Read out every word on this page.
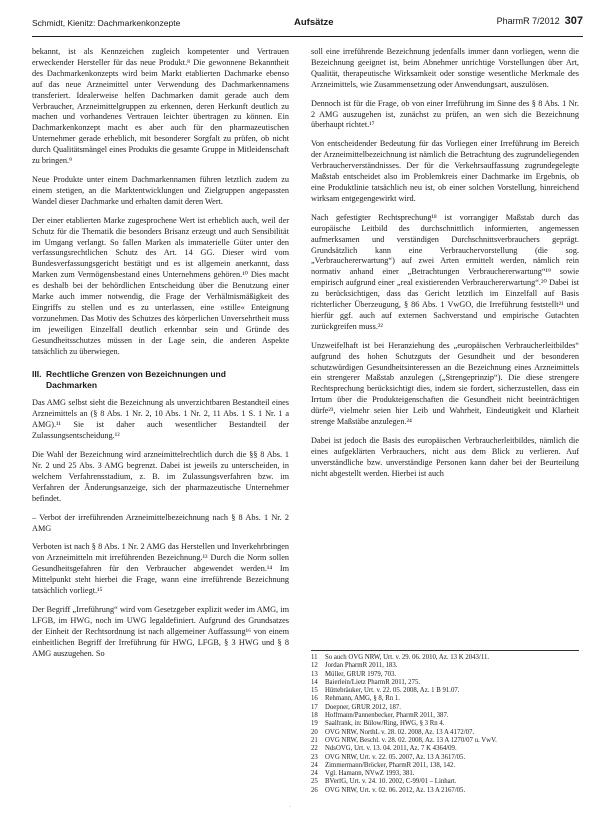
Schmidt, Kienitz: Dachmarkenkonzepte	Aufsätze	PharmR 7/2012 307

bekannt, ist als Kennzeichen zugleich kompetenter und Vertrauen erweckender Hersteller für das neue Produkt.⁸ Die gewonnene Bekanntheit des Dachmarkenkonzepts wird beim Markt etablierten Dachmarke ebenso auf das neue Arzneimittel unter Verwendung des Dachmarkennamens transferiert. Idealerweise helfen Dachmarken damit gerade auch dem Verbraucher, Arzneimittelgruppen zu erkennen, deren Herkunft deutlich zu machen und vorhandenes Vertrauen leichter übertragen zu können. Ein Dachmarkenkonzept macht es aber auch für den pharmazeutischen Unternehmer gerade erheblich, mit besonderer Sorgfalt zu prüfen, ob nicht durch Qualitätsmängel eines Produkts die gesamte Gruppe in Mitleidenschaft zu bringen.⁹

Neue Produkte unter einem Dachmarkennamen führen letztlich zudem zu einem stetigen, an die Marktentwicklungen und Zielgruppen angepassten Wandel dieser Dachmarke und erhalten damit deren Wert.

Der einer etablierten Marke zugesprochene Wert ist erheblich auch, weil der Schutz für die Thematik die besonders Brisanz erzeugt und auch Sensibilität im Umgang verlangt. So fallen Marken als immaterielle Güter unter den verfassungsrechtlichen Schutz des Art. 14 GG. Dieser wird vom Bundesverfassungsgericht bestätigt und es ist allgemein anerkannt, dass Marken zum Vermögensbestand eines Unternehmens gehören.¹⁰ Dies macht es deshalb bei der behördlichen Entscheidung über die Benutzung einer Marke auch immer notwendig, die Frage der Verhältnismäßigkeit des Eingriffs zu stellen und es zu unterlassen, eine »stille« Enteignung vorzunehmen. Das Motiv des Schutzes des körperlichen Unversehrtheit muss im jeweiligen Einzelfall deutlich erkennbar sein und Gründe des Gesundheitsschutzes müssen in der Lage sein, die anderen Aspekte tatsächlich zu überwiegen.

III. Rechtliche Grenzen von Bezeichnungen und
Dachmarken

Das AMG selbst sieht die Bezeichnung als unverzichtbaren Bestandteil eines Arzneimittels an (§ 8 Abs. 1 Nr. 2, 10 Abs. 1 Nr. 2, 11 Abs. 1 S. 1 Nr. 1 a AMG).¹¹ Sie ist daher auch wesentlicher Bestandteil der Zulassungsentscheidung.¹²

Die Wahl der Bezeichnung wird arzneimittelrechtlich durch die §§ 8 Abs. 1 Nr. 2 und 25 Abs. 3 AMG begrenzt. Dabei ist jeweils zu unterscheiden, in welchem Verfahrensstadium, z. B. im Zulassungsverfahren bzw. im Verfahren der Änderungsanzeige, sich der pharmazeutische Unternehmer befindet.

– Verbot der irreführenden Arzneimittelbezeichnung nach § 8 Abs. 1 Nr. 2 AMG

Verboten ist nach § 8 Abs. 1 Nr. 2 AMG das Herstellen und Inverkehrbringen von Arzneimitteln mit irreführenden Bezeichnung.¹³ Durch die Norm sollen Gesundheitsgefahren für den Verbraucher abgewendet werden.¹⁴ Im Mittelpunkt steht hierbei die Frage, wann eine irreführende Bezeichnung tatsächlich vorliegt.¹⁵

Der Begriff „Irreführung“ wird vom Gesetzgeber explizit weder im AMG, im LFGB, im HWG, noch im UWG legaldefiniert. Aufgrund des Grundsatzes der Einheit der Rechtsordnung ist nach allgemeiner Auffassung¹⁶ von einem einheitlichen Begriff der Irreführung für HWG, LFGB, § 3 HWG und § 8 AMG auszugehen. So

soll eine irreführende Bezeichnung jedenfalls immer dann vorliegen, wenn die Bezeichnung geeignet ist, beim Abnehmer unrichtige Vorstellungen über Art, Qualität, therapeutische Wirksamkeit oder sonstige wesentliche Merkmale des Arzneimittels, wie Zusammensetzung oder Anwendungsart, auszulösen.

Dennoch ist für die Frage, ob von einer Irreführung im Sinne des § 8 Abs. 1 Nr. 2 AMG auszugehen ist, zunächst zu prüfen, an wen sich die Bezeichnung überhaupt richtet.¹⁷

Von entscheidender Bedeutung für das Vorliegen einer Irreführung im Bereich der Arzneimittelbezeichnung ist nämlich die Betrachtung des zugrundeliegenden Verbraucherverständnisses. Der für die Verkehrsauffassung zugrundegelegte Maßstab entscheidet also im Problemkreis einer Dachmarke im Ergebnis, ob eine Produktlinie tatsächlich neu ist, ob einer solchen Vorstellung, hinreichend wirksam entgegengewirkt wird.

Nach gefestigter Rechtsprechung¹⁸ ist vorrangiger Maßstab durch das europäische Leitbild des durchschnittlich informierten, angemessen aufmerksamen und verständigen Durchschnittsverbrauchers geprägt. Grundsätzlich kann eine Verbrauchervorstellung (die sog. „Verbrauchererwartung“) auf zwei Arten ermittelt werden, nämlich rein normativ anhand einer „Betrachtungen Verbrauchererwartung“¹⁹ sowie empirisch aufgrund einer „real existierenden Verbrauchererwartung“.²⁰ Dabei ist zu berücksichtigen, dass das Gericht letztlich im Einzelfall auf Basis richterlicher Überzeugung, § 86 Abs. 1 VwGO, die Irreführung feststellt²¹ und hierfür ggf. auch auf externen Sachverstand und empirische Gutachten zurückgreifen muss.²²

Unzweifelhaft ist bei Heranziehung des „europäischen Verbraucherleitbildes“ aufgrund des hohen Schutzguts der Gesundheit und der besonderen schutzwürdigen Gesundheitsinteressen an die Bezeichnung eines Arzneimittels ein strengerer Maßstab anzulegen („Strengeprinzip“). Die diese strengere Rechtsprechung berücksichtigt dies, indem sie fordert, sicherzustellen, dass ein Irrtum über die Produkteigenschaften die Gesundheit nicht beeinträchtigen dürfe²³, vielmehr seien hier Leib und Wahrheit, Eindeutigkeit und Klarheit strenge Maßstäbe anzulegen.²⁴

Dabei ist jedoch die Basis des europäischen Verbraucherleitbildes, nämlich die eines aufgeklärten Verbrauchers, nicht aus dem Blick zu verlieren. Auf unverständliche bzw. unverständige Personen kann daher bei der Beurteilung nicht abgestellt werden. Hierbei ist auch

11 So auch OVG NRW, Urt. v. 29. 06. 2010, Az. 13 K 2043/11.
12 Jordan PharmR 2011, 183.
13 Müller, GRUR 1979, 703.
14 Baierlein/Lietz PharmR 2011, 275.
15 Hüttebräuker, Urt. v. 22. 05. 2008, Az. 1 B 91.07.
16 Rehmann, AMG, § 8, Rn 1.
17 Doepner, GRUR 2012, 187.
18 Hoffmann/Pannenbecker, PharmR 2011, 387.
19 Saalfrank, in: Bülow/Ring, HWG, § 3 Rn 4.
20 OVG NRW, NorthL v. 28. 02. 2008, Az. 13 A 4172/07.
21 OVG NRW, Beschl. v. 28. 02. 2008, Az. 13 A 1270/07 u. VwV.
22 NdsOVG, Urt. v. 13. 04. 2011, Az. 7 K 4364/09.
23 OVG NRW, Urt. v. 22. 05. 2007, Az. 13 A 3617/05.
24 Zimmermann/Bröcker, PharmR 2011, 138, 142.
24 Vgl. Hamann, NVwZ 1993, 381.
25 BVerfG, Urt. v. 24. 10. 2002, C-99/01 – Linhart.
26 OVG NRW, Urt. v. 02. 06. 2012, Az. 13 A 2167/05.
